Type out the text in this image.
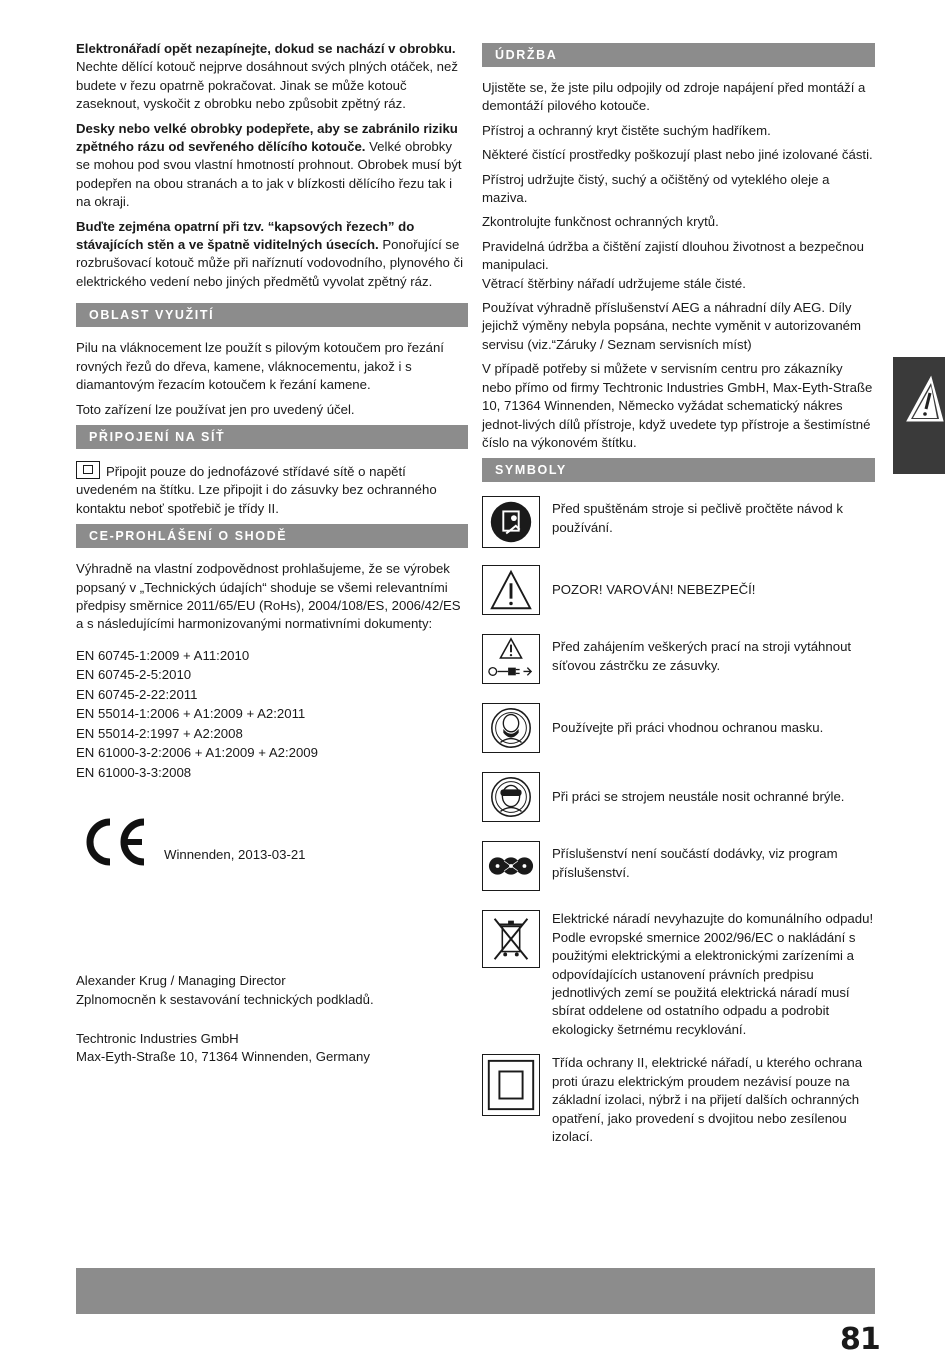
Elektronářadí opět nezapínejte, dokud se nachází v obrobku.
Nechte dělící kotouč nejprve dosáhnout svých plných otáček, než budete v řezu opatrně pokračovat. Jinak se může kotouč zaseknout, vyskočit z obrobku nebo způsobit zpětný ráz.

Desky nebo velké obrobky podepřete, aby se zabránilo riziku zpětného rázu od sevřeného dělícího kotouče. Velké obrobky se mohou pod svou vlastní hmotností prohnout. Obrobek musí být podepřen na obou stranách a to jak v blízkosti dělícího řezu tak i na okraji.

Buďte zejména opatrní při tzv. “kapsových řezech” do stávajících stěn a ve špatně viditelných úsecích. Ponořující se rozbrušovací kotouč může při naříznutí vodovodního, plynového či elektrického vedení nebo jiných předmětů vyvolat zpětný ráz.

OBLAST VYUŽITÍ

Pilu na vláknocement lze použít s pilovým kotoučem pro řezání rovných řezů do dřeva, kamene, vláknocementu, jakož i s diamantovým řezacím kotoučem k řezání kamene.

Toto zařízení lze používat jen pro uvedený účel.

PŘIPOJENÍ NA SÍŤ

Připojit pouze do jednofázové střídavé sítě o napětí uvedeném na štítku. Lze připojit i do zásuvky bez ochranného kontaktu neboť spotřebič je třídy II.

CE-PROHLÁŠENÍ O SHODĚ

Výhradně na vlastní zodpovědnost prohlašujeme, že se výrobek popsaný v „Technických údajích“ shoduje se všemi relevantními předpisy směrnice 2011/65/EU (RoHs), 2004/108/ES, 2006/42/ES a s následujícími harmonizovanými normativními dokumenty:

EN 60745-1:2009 + A11:2010
EN 60745-2-5:2010
EN 60745-2-22:2011
EN 55014-1:2006 + A1:2009 + A2:2011
EN 55014-2:1997 + A2:2008
EN 61000-3-2:2006 + A1:2009 + A2:2009
EN 61000-3-3:2008
Winnenden, 2013-03-21
Alexander Krug / Managing Director
Zplnomocněn k sestavování technických podkladů.
Techtronic Industries GmbH
Max-Eyth-Straße 10, 71364 Winnenden, Germany
ÚDRŽBA

Ujistěte se, že jste pilu odpojily od zdroje napájení před montáží a demontáží pilového kotouče.

Přístroj a ochranný kryt čistěte suchým hadříkem.

Některé čistící prostředky poškozují plast nebo jiné izolované části.

Přístroj udržujte čistý, suchý a očištěný od vyteklého oleje a maziva.

Zkontrolujte funkčnost ochranných krytů.

Pravidelná údržba a čištění zajistí dlouhou životnost a bezpečnou manipulaci.
Větrací štěrbiny nářadí udržujeme stále čisté.

Používat výhradně příslušenství AEG a náhradní díly AEG. Díly jejichž výměny nebyla popsána, nechte vyměnit v autorizovaném servisu (viz.“Záruky / Seznam servisních míst)

V případě potřeby si můžete v servisním centru pro zákazníky nebo přímo od firmy Techtronic Industries GmbH, Max-Eyth-Straße 10, 71364 Winnenden, Německo vyžádat schematický nákres jednot-livých dílů přístroje, když uvedete typ přístroje a šestimístné číslo na výkonovém štítku.

SYMBOLY
Před spuštěnám stroje si pečlivě pročtěte návod k používání.
POZOR! VAROVÁN! NEBEZPEČÍ!
Před zahájením veškerých prací na stroji vytáhnout síťovou zástrčku ze zásuvky.
Používejte při práci vhodnou ochranou masku.
Při práci se strojem neustále nosit ochranné brýle.
Příslušenství není součástí dodávky, viz program příslušenství.
Elektrické náradí nevyhazujte do komunálního odpadu! Podle evropské smernice 2002/96/EC o nakládání s použitými elektrickými a elektronickými zarízeními a odpovídajících ustanovení právních predpisu jednotlivých zemí se použitá elektrická náradí musí sbírat oddelene od ostatního odpadu a podrobit ekologicky šetrnému recyklování.
Třída ochrany II, elektrické nářadí, u kterého ochrana proti úrazu elektrickým proudem nezávisí pouze na základní izolaci, nýbrž i na přijetí dalších ochranných opatření, jako provedení s dvojitou nebo zesílenou izolací.
81
